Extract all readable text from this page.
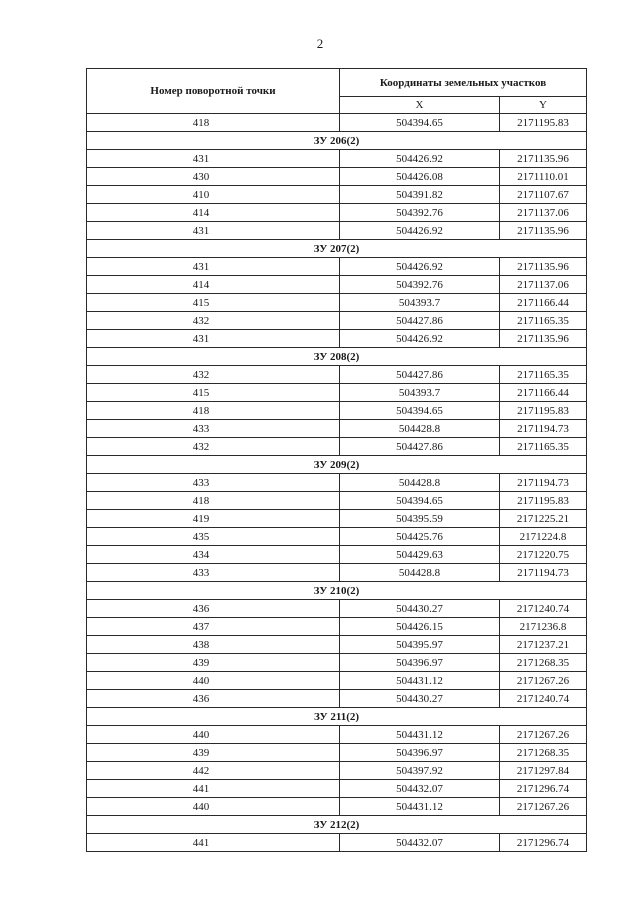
2
Номер поворотной точки	Координаты земельных участков	
	X	Y
418	504394.65	2171195.83
ЗУ 206(2)		
431	504426.92	2171135.96
430	504426.08	2171110.01
410	504391.82	2171107.67
414	504392.76	2171137.06
431	504426.92	2171135.96
ЗУ 207(2)		
431	504426.92	2171135.96
414	504392.76	2171137.06
415	504393.7	2171166.44
432	504427.86	2171165.35
431	504426.92	2171135.96
ЗУ 208(2)		
432	504427.86	2171165.35
415	504393.7	2171166.44
418	504394.65	2171195.83
433	504428.8	2171194.73
432	504427.86	2171165.35
ЗУ 209(2)		
433	504428.8	2171194.73
418	504394.65	2171195.83
419	504395.59	2171225.21
435	504425.76	2171224.8
434	504429.63	2171220.75
433	504428.8	2171194.73
ЗУ 210(2)		
436	504430.27	2171240.74
437	504426.15	2171236.8
438	504395.97	2171237.21
439	504396.97	2171268.35
440	504431.12	2171267.26
436	504430.27	2171240.74
ЗУ 211(2)		
440	504431.12	2171267.26
439	504396.97	2171268.35
442	504397.92	2171297.84
441	504432.07	2171296.74
440	504431.12	2171267.26
ЗУ 212(2)		
441	504432.07	2171296.74
